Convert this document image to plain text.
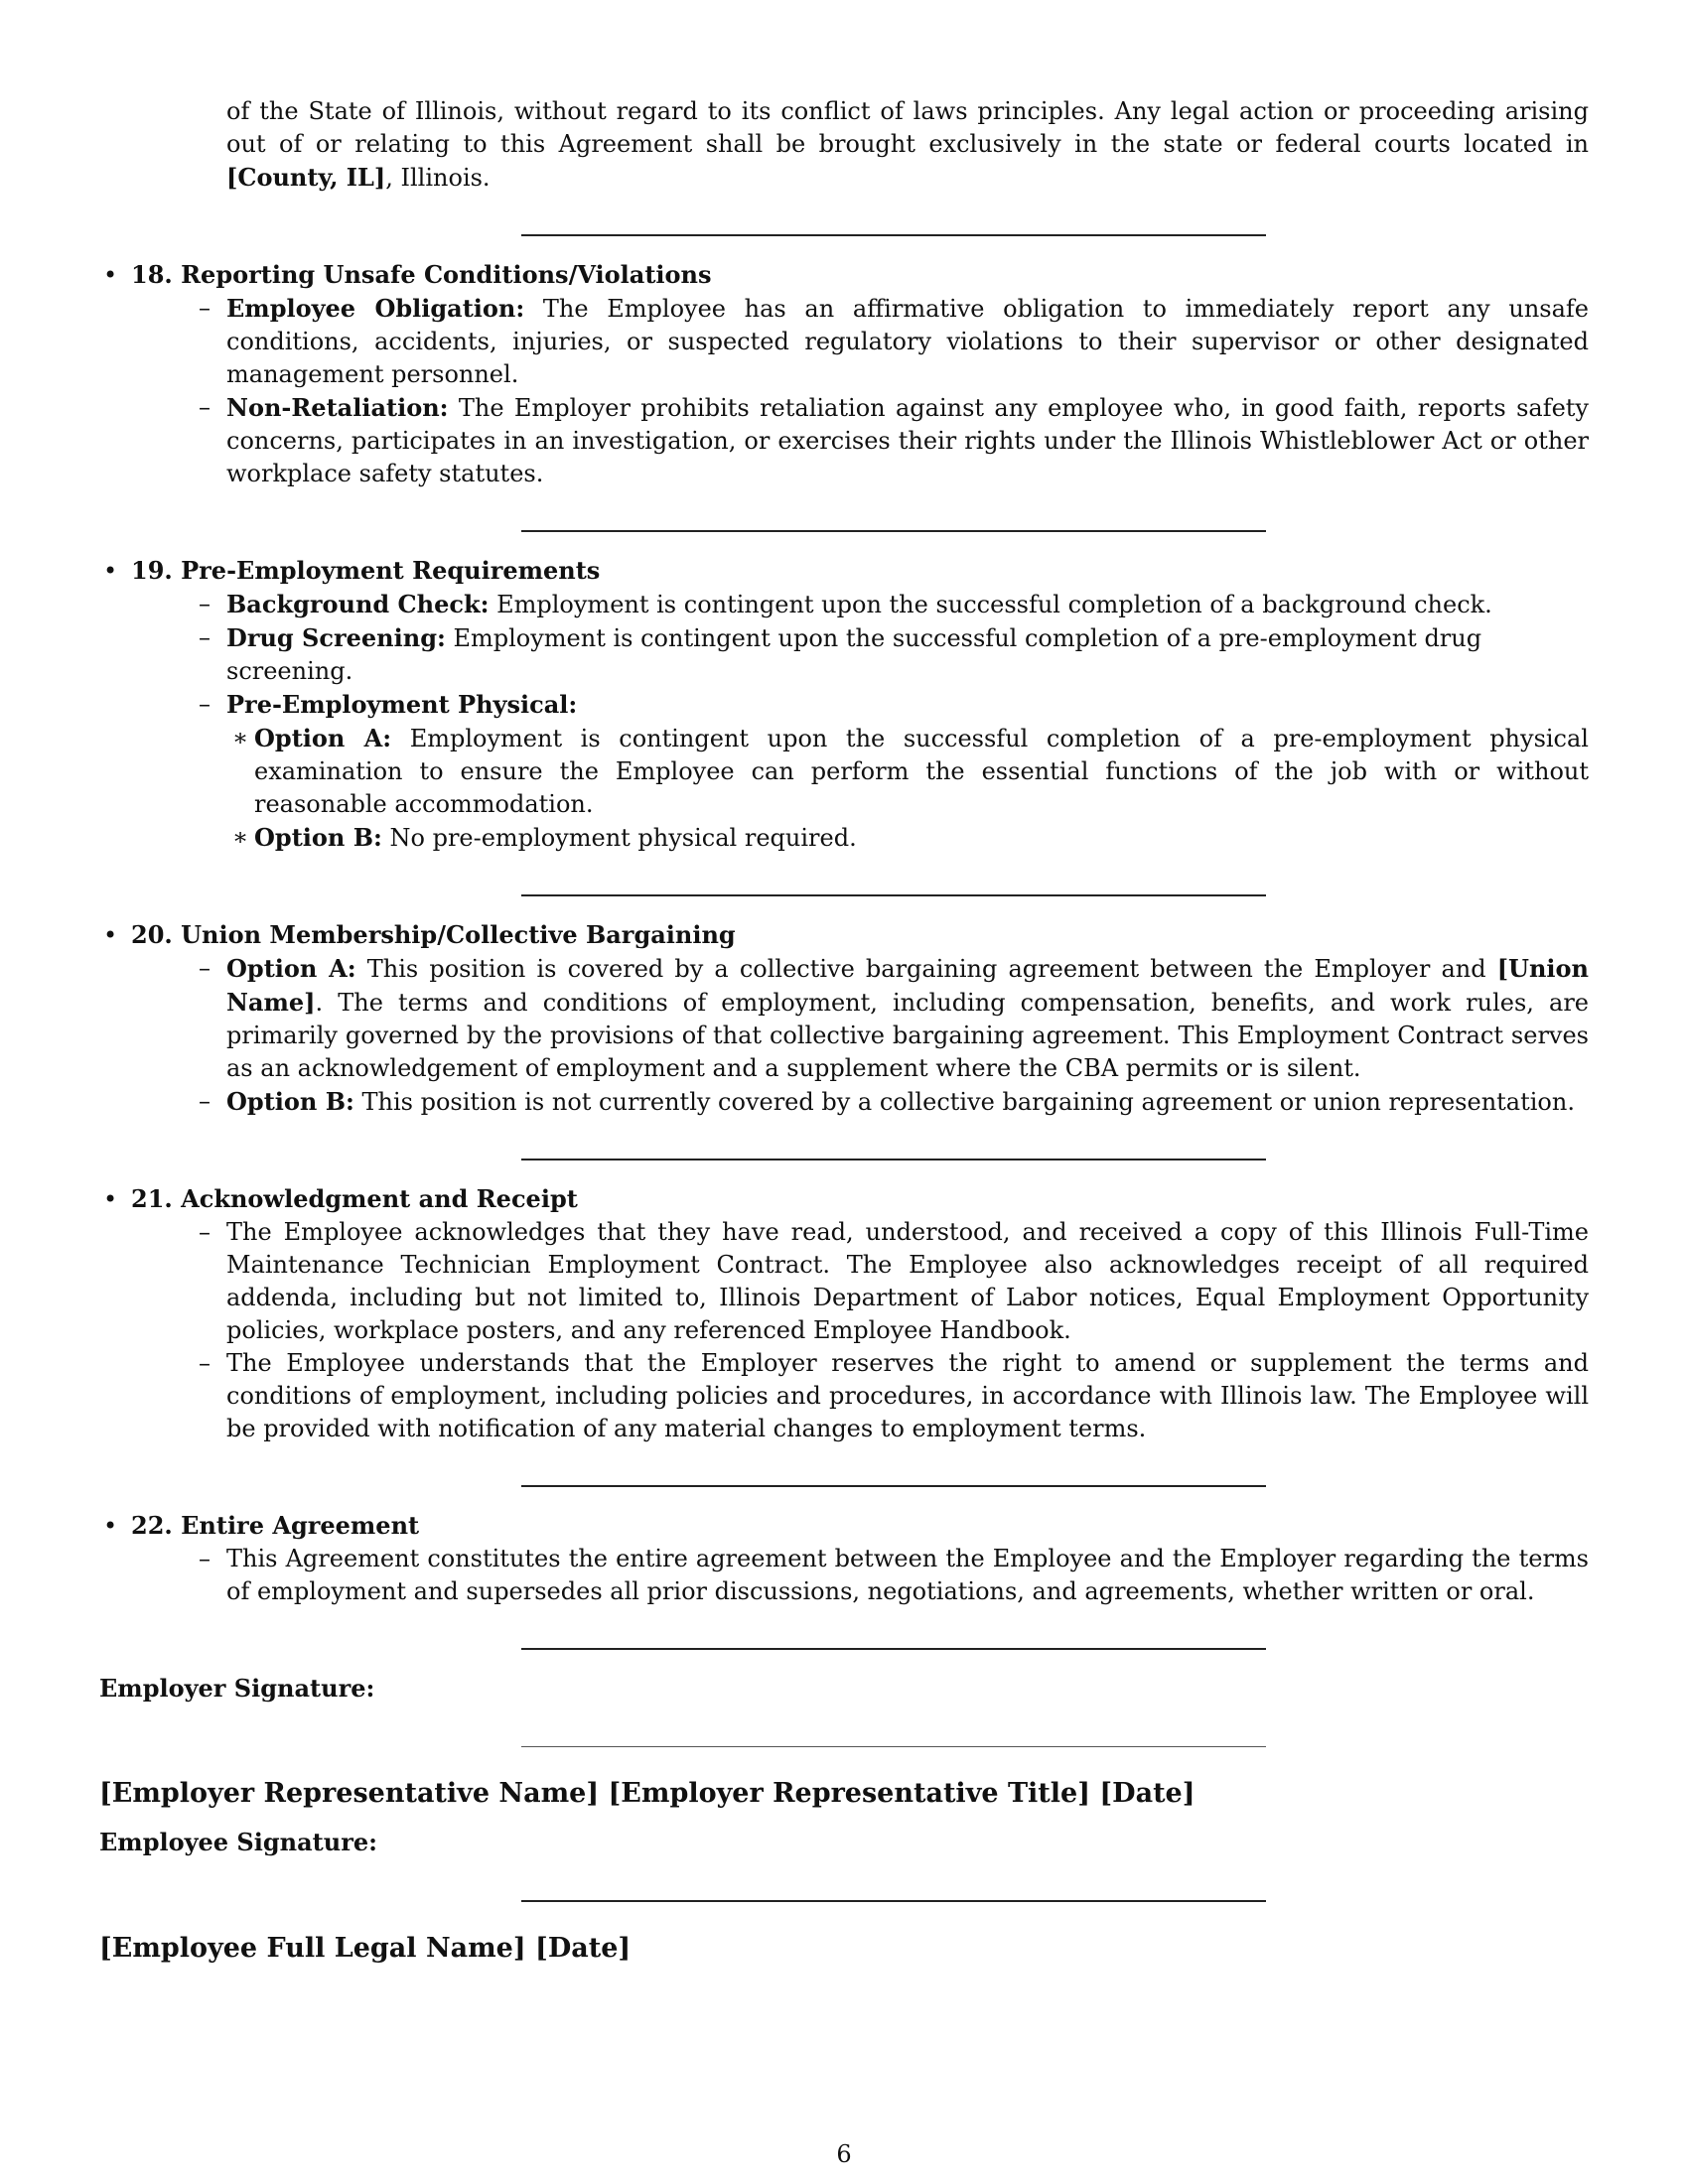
of the State of Illinois, without regard to its conflict of laws principles. Any legal action or proceeding arising out of or relating to this Agreement shall be brought exclusively in the state or federal courts located in [County, IL], Illinois.
• 18. Reporting Unsafe Conditions/Violations
– Employee Obligation: The Employee has an affirmative obligation to immediately report any unsafe conditions, accidents, injuries, or suspected regulatory violations to their supervisor or other designated management personnel.
– Non-Retaliation: The Employer prohibits retaliation against any employee who, in good faith, reports safety concerns, participates in an investigation, or exercises their rights under the Illinois Whistleblower Act or other workplace safety statutes.
• 19. Pre-Employment Requirements
– Background Check: Employment is contingent upon the successful completion of a background check.
– Drug Screening: Employment is contingent upon the successful completion of a pre-employment drug screening.
– Pre-Employment Physical:
∗ Option A: Employment is contingent upon the successful completion of a pre-employment physical examination to ensure the Employee can perform the essential functions of the job with or without reasonable accommodation.
∗ Option B: No pre-employment physical required.
• 20. Union Membership/Collective Bargaining
– Option A: This position is covered by a collective bargaining agreement between the Employer and [Union Name]. The terms and conditions of employment, including compensation, benefits, and work rules, are primarily governed by the provisions of that collective bargaining agreement. This Employment Contract serves as an acknowledgement of employment and a supplement where the CBA permits or is silent.
– Option B: This position is not currently covered by a collective bargaining agreement or union representation.
• 21. Acknowledgment and Receipt
– The Employee acknowledges that they have read, understood, and received a copy of this Illinois Full-Time Maintenance Technician Employment Contract. The Employee also acknowledges receipt of all required addenda, including but not limited to, Illinois Department of Labor notices, Equal Employment Opportunity policies, workplace posters, and any referenced Employee Handbook.
– The Employee understands that the Employer reserves the right to amend or supplement the terms and conditions of employment, including policies and procedures, in accordance with Illinois law. The Employee will be provided with notification of any material changes to employment terms.
• 22. Entire Agreement
– This Agreement constitutes the entire agreement between the Employee and the Employer regarding the terms of employment and supersedes all prior discussions, negotiations, and agreements, whether written or oral.
Employer Signature:
[Employer Representative Name] [Employer Representative Title] [Date]
Employee Signature:
[Employee Full Legal Name] [Date]
6
